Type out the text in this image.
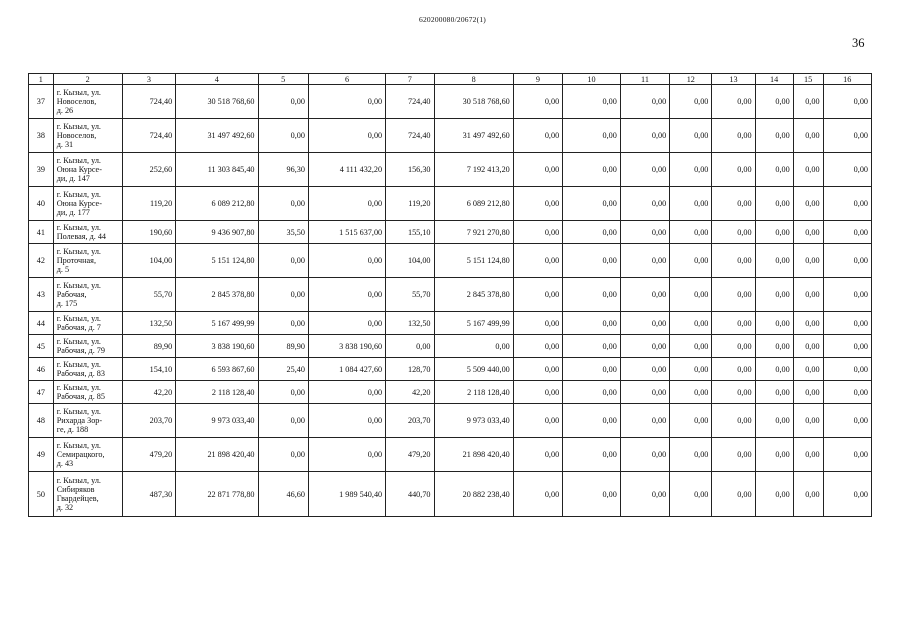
620200080/20672(1)
36
1	2	3	4	5	6	7	8	9	10	11	12	13	14	15	16
37	г. Кызыл, ул.
Новоселов,
д. 26	724,40	30 518 768,60	0,00	0,00	724,40	30 518 768,60	0,00	0,00	0,00	0,00	0,00	0,00	0,00	0,00
38	г. Кызыл, ул.
Новоселов,
д. 31	724,40	31 497 492,60	0,00	0,00	724,40	31 497 492,60	0,00	0,00	0,00	0,00	0,00	0,00	0,00	0,00
39	г. Кызыл, ул.
Оюна Курсе-
ди, д. 147	252,60	11 303 845,40	96,30	4 111 432,20	156,30	7 192 413,20	0,00	0,00	0,00	0,00	0,00	0,00	0,00	0,00
40	г. Кызыл, ул.
Оюна Курсе-
ди, д. 177	119,20	6 089 212,80	0,00	0,00	119,20	6 089 212,80	0,00	0,00	0,00	0,00	0,00	0,00	0,00	0,00
41	г. Кызыл, ул.
Полевая, д. 44	190,60	9 436 907,80	35,50	1 515 637,00	155,10	7 921 270,80	0,00	0,00	0,00	0,00	0,00	0,00	0,00	0,00
42	г. Кызыл, ул.
Проточная,
д. 5	104,00	5 151 124,80	0,00	0,00	104,00	5 151 124,80	0,00	0,00	0,00	0,00	0,00	0,00	0,00	0,00
43	г. Кызыл, ул.
Рабочая,
д. 175	55,70	2 845 378,80	0,00	0,00	55,70	2 845 378,80	0,00	0,00	0,00	0,00	0,00	0,00	0,00	0,00
44	г. Кызыл, ул.
Рабочая, д. 7	132,50	5 167 499,99	0,00	0,00	132,50	5 167 499,99	0,00	0,00	0,00	0,00	0,00	0,00	0,00	0,00
45	г. Кызыл, ул.
Рабочая, д. 79	89,90	3 838 190,60	89,90	3 838 190,60	0,00	0,00	0,00	0,00	0,00	0,00	0,00	0,00	0,00	0,00
46	г. Кызыл, ул.
Рабочая, д. 83	154,10	6 593 867,60	25,40	1 084 427,60	128,70	5 509 440,00	0,00	0,00	0,00	0,00	0,00	0,00	0,00	0,00
47	г. Кызыл, ул.
Рабочая, д. 85	42,20	2 118 128,40	0,00	0,00	42,20	2 118 128,40	0,00	0,00	0,00	0,00	0,00	0,00	0,00	0,00
48	г. Кызыл, ул.
Рихарда Зор-
ге, д. 188	203,70	9 973 033,40	0,00	0,00	203,70	9 973 033,40	0,00	0,00	0,00	0,00	0,00	0,00	0,00	0,00
49	г. Кызыл, ул.
Семирацкого,
д. 43	479,20	21 898 420,40	0,00	0,00	479,20	21 898 420,40	0,00	0,00	0,00	0,00	0,00	0,00	0,00	0,00
50	г. Кызыл, ул.
Сибиряков
Гвардейцев,
д. 32	487,30	22 871 778,80	46,60	1 989 540,40	440,70	20 882 238,40	0,00	0,00	0,00	0,00	0,00	0,00	0,00	0,00
